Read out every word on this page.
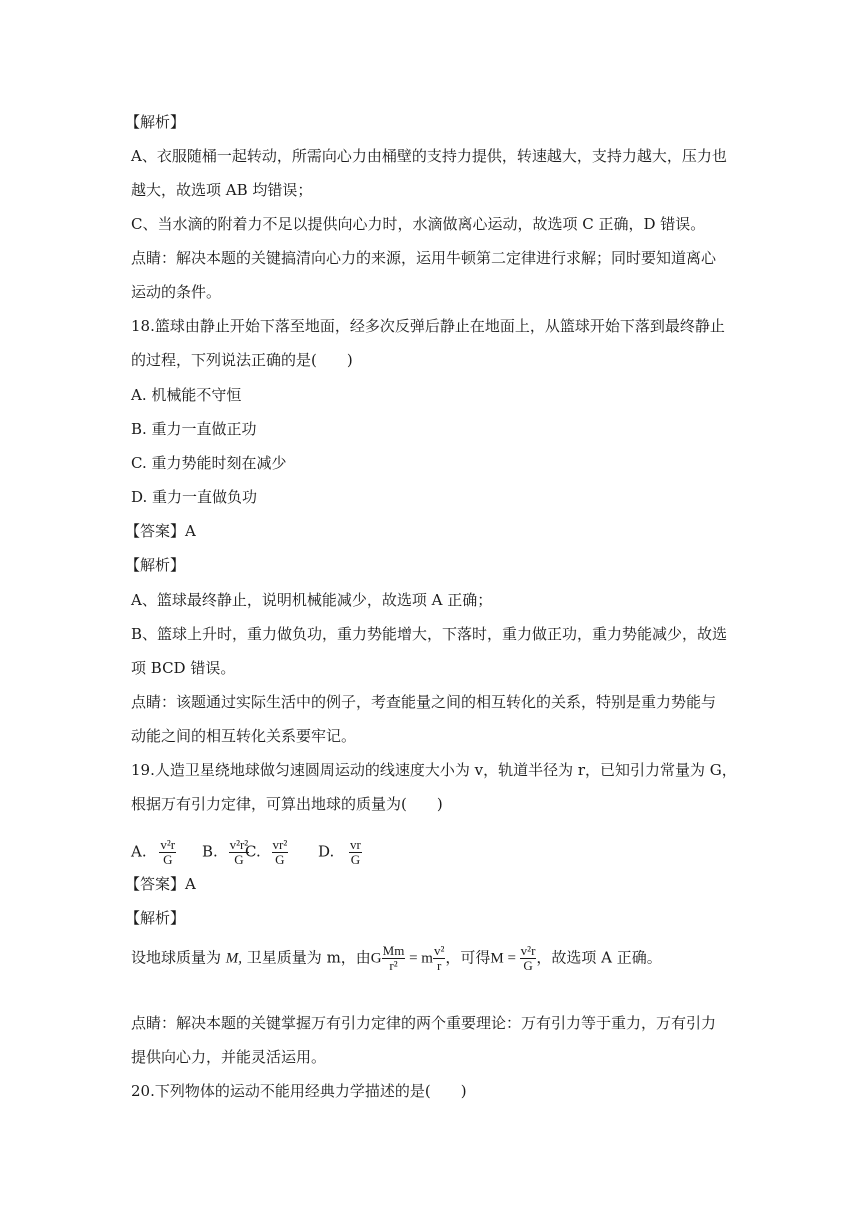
【解析】
A、衣服随桶一起转动，所需向心力由桶壁的支持力提供，转速越大，支持力越大，压力也
越大，故选项 AB 均错误；
C、当水滴的附着力不足以提供向心力时，水滴做离心运动，故选项 C 正确，D 错误。
点睛：解决本题的关键搞清向心力的来源，运用牛顿第二定律进行求解；同时要知道离心
运动的条件。
18.篮球由静止开始下落至地面，经多次反弹后静止在地面上，从篮球开始下落到最终静止
的过程，下列说法正确的是(　　)
A. 机械能不守恒
B. 重力一直做正功
C. 重力势能时刻在减少
D. 重力一直做负功
【答案】A
【解析】
A、篮球最终静止，说明机械能减少，故选项 A 正确；
B、篮球上升时，重力做负功，重力势能增大，下落时，重力做正功，重力势能减少，故选
项 BCD 错误。
点睛：该题通过实际生活中的例子，考查能量之间的相互转化的关系，特别是重力势能与
动能之间的相互转化关系要牢记。
19.人造卫星绕地球做匀速圆周运动的线速度大小为 v，轨道半径为 r，已知引力常量为 G，
根据万有引力定律，可算出地球的质量为(　　)
A. $\frac{\text{v²r}}{G} B$. $\frac{\text{v²r²}}{G}$
C. $\frac{\text{vr²}}{G} D$. $\frac{vr}{G}$
【答案】A
【解析】
设地球质量为 M, 卫星质量为 m，由G $\frac{Mm}{\text{r²}} = m \frac{\text{v²}}{r}$ ，可得$M = \frac{\text{v²r}}{G}$ ，故选项 A 正确。
点睛：解决本题的关键掌握万有引力定律的两个重要理论：万有引力等于重力，万有引力
提供向心力，并能灵活运用。
20.下列物体的运动不能用经典力学描述的是(　　)
